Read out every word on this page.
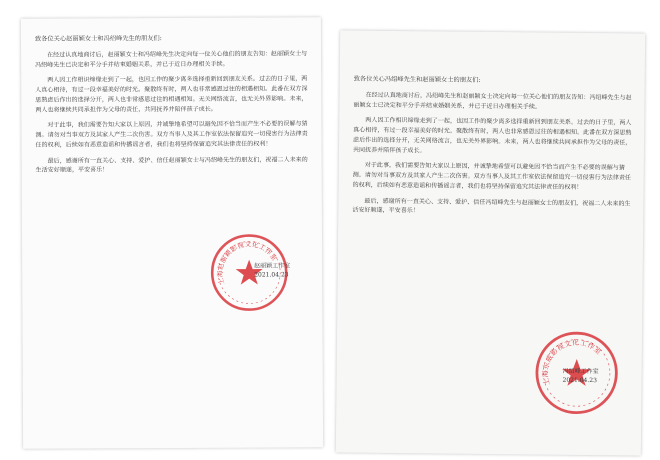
致各位关心赵丽颖女士和冯绍峰先生的朋友们:

在经过认真地商讨后，赵丽颖女士和冯绍峰先生决定向每一位关心他们的朋友告知：赵丽颖女士与冯绍峰先生已决定和平分手并结束婚姻关系，并已于近日办理相关手续。

两人因工作相识缔缘走到了一起，也因工作的聚少离多选择重新回到朋友关系。过去的日子里，两人真心相待，有过一段幸福美好的时光。聚散终有时，两人也非常感恩过往的相遇相知。此番在双方深思熟虑后作出的选择分开，两人也非常感恩过往的相遇相知。无关网络流言，也无关外界影响。未来，两人也将继续共同承担作为父母的责任，共同抚养并陪伴孩子成长。

对于此事，我们需要告知大家以上原因，并诚挚地希望可以避免因不恰当而产生不必要的误解与猜测。请勿对当事双方及其家人产生二次伤害。双方当事人及其工作室依法保留追究一切侵害行为法律责任的权利，后续如有恶意造谣和传播谣言者，我们也将坚持保留追究其法律责任的权利！

最后，感谢所有一直关心、支持、爱护、信任赵丽颖女士与冯绍峰先生的朋友们，祝福二人未来的生活安好顺遂，平安喜乐！

上海赵丽颖影视文化工作室
赵丽颖工作室
2021.04.23

致各位关心冯绍峰先生和赵丽颖女士的朋友们:

在经过认真地商讨后，冯绍峰先生和赵丽颖女士决定向每一位关心他们的朋友告知：冯绍峰先生与赵丽颖女士已决定和平分手并结束婚姻关系，并已于近日办理相关手续。

两人因工作相识缔缘走到了一起，也因工作的聚少离多选择重新回到朋友关系。过去的日子里，两人真心相待，有过一段幸福美好的时光。聚散终有时，两人也非常感恩过往的相遇相知。此番在双方深思熟虑后作出的选择分开，无关网络流言，也无关外界影响。未来，两人也将继续共同承担作为父母的责任，共同抚养并陪伴孩子成长。

对于此事，我们需要告知大家以上原因，并诚挚地希望可以避免因不恰当而产生不必要的误解与猜测。请勿对当事双方及其家人产生二次伤害。双方当事人及其工作室依法保留追究一切侵害行为法律责任的权利，后续如有恶意造谣和传播谣言者，我们也将坚持保留追究其法律责任的权利！

最后，感谢所有一直关心、支持、爱护、信任冯绍峰先生与赵丽颖女士的朋友们，祝福二人未来的生活安好顺遂，平安喜乐！

上海东威影视文化工作室
冯绍峰工作室
2021.04.23
